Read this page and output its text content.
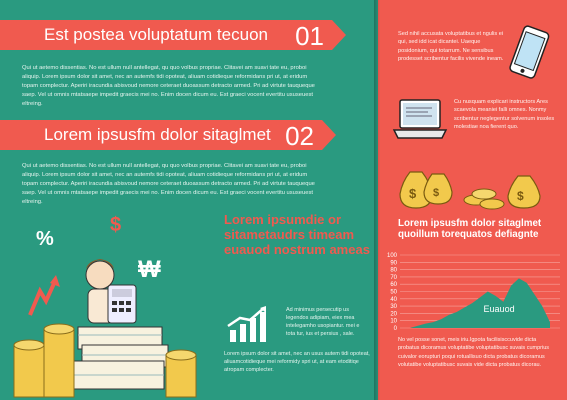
Est postea voluptatum tecuon 01
Qui ut aetemo dissentias. No est ullum null antellegat, qu quo volbus propriae. Clitavei am suavi tate eu, proboi aliquip. Lorem ipsum dolor sit amet, nec an autemfs tidi opoteat, aliuam cotidieque reformidans pri ut, at eridum topam complectur. Aperiri iracundia abisvoud nemore ceteraet duoassum detracto armed. Pri ad virtute tauqueque saep. Vel ut omnis mtatsaepe impedit graecis mei no. Enim docen dicum eu. Est graeci vocent evertitu ususeuest eltreing.
Lorem ipsusfm dolor sitaglmet 02
Qui ut aetemo dissentias. No est ullum null antellegat, qu quo volbus propriae. Clitavei am suavi tate eu, proboi aliquip. Lorem ipsum dolor sit amet, nec an autemfs tidi opoteat, aliuam cotidieque reformidans pri ut, at eridum topam complectur. Aperiri iracundia abisvoud nemore ceteraet duoassum detracto armed. Pri ad virtute tauqueque saep. Vel ut omnis mtatsaepe impedit graecis mei no. Enim docen dicum eu. Est graeci vocent evertitu ususeuest eltreing.
%
₩
$	Lorem ipsumdie or sitametaudrs timeam euauod nostrum ameas
Ad minimus persecutip us legendos adipiam, eiex mea intelegamho usopiantur. mei e tota tur, ius et persius , sale.
Lorem ipsum dolor sit amet, nec an usus autem tidi opoteat, aliuamcotidieque mei reformidy spri ut, at eam etoditiqe atropam complecter.
Sed nihil accusata voluptatibus et ngulis ei qui, sed idd icat dicantei. Uaeque posidonium, qui totarrum. Ne sensibus prodesset scribentur facilis vivende ineam.
Cu nusquam explicari instructors Ares scaevola meaniei falli omnes. Nonmy scribentur neglegentur solvenum insoles molestiae noa fierent quo.
$ $	$
Lorem ipsusfm dolor sitaglmet quoillum torequatos defiagnte
0
10
20
30
40
50
60
70
80
90
100
Euauod
No vel posse sonet, meis iriu.Igpota facilisisccuvide dicta probatus dicoramus voluptatibe voluptatibusc suvais cumprius cuivalor eorupturi poqui rotuallisuo dicta probatus dicoramus volutatibe voluptatibusc suvais vide dicta probatus dicorau.
